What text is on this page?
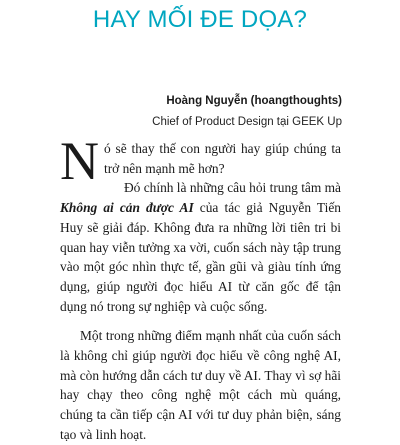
HAY MỐI ĐE DỌA?
Hoàng Nguyễn (hoangthoughts)
Chief of Product Design tại GEEK Up

Nó sẽ thay thế con người hay giúp chúng ta trở nên mạnh mẽ hơn?

Đó chính là những câu hỏi trung tâm mà Không ai cản được AI của tác giả Nguyễn Tiến Huy sẽ giải đáp. Không đưa ra những lời tiên tri bi quan hay viễn tưởng xa vời, cuốn sách này tập trung vào một góc nhìn thực tế, gần gũi và giàu tính ứng dụng, giúp người đọc hiểu AI từ căn gốc để tận dụng nó trong sự nghiệp và cuộc sống.

Một trong những điểm mạnh nhất của cuốn sách là không chỉ giúp người đọc hiểu về công nghệ AI, mà còn hướng dẫn cách tư duy về AI. Thay vì sợ hãi hay chạy theo công nghệ một cách mù quáng, chúng ta cần tiếp cận AI với tư duy phản biện, sáng tạo và linh hoạt.
